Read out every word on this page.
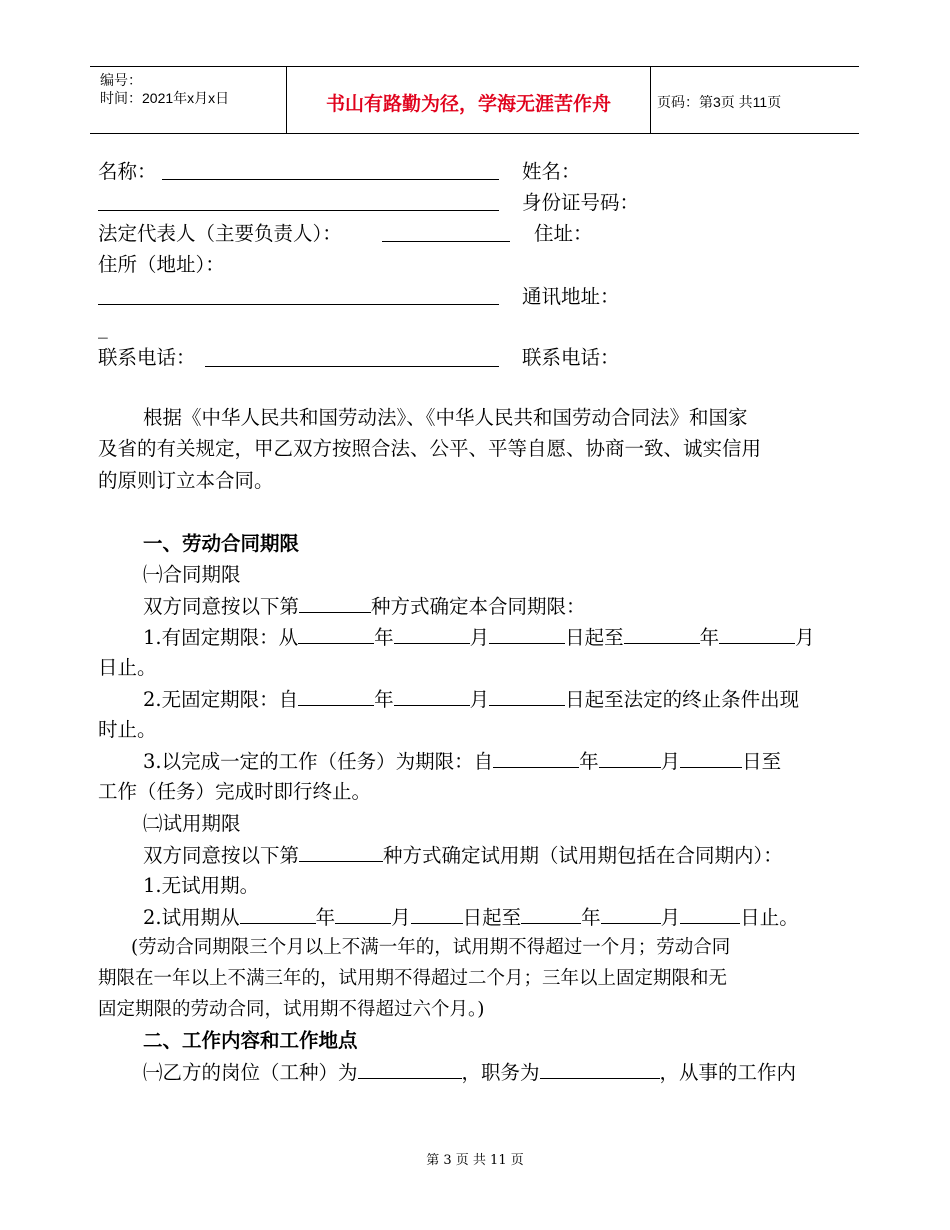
编号：
时间：2021年x月x日	书山有路勤为径，学海无涯苦作舟	页码：第3页 共11页
名称：	姓名：
身份证号码：
法定代表人（主要负责人）：	住址：
住所（地址）：
通讯地址：
_
联系电话：	联系电话：
根据《中华人民共和国劳动法》、《中华人民共和国劳动合同法》和国家
及省的有关规定，甲乙双方按照合法、公平、平等自愿、协商一致、诚实信用
的原则订立本合同。
一、劳动合同期限
㈠合同期限
双方同意按以下第	种方式确定本合同期限：
1.有固定期限：从	年	月	日起至	年	月
日止。
2.无固定期限：自	年	月	日起至法定的终止条件出现
时止。
3.以完成一定的工作（任务）为期限：自	年	月	日至
工作（任务）完成时即行终止。
㈡试用期限
双方同意按以下第	种方式确定试用期（试用期包括在合同期内）：
1.无试用期。
2.试用期从	年	月	日起至	年	月	日止。
(劳动合同期限三个月以上不满一年的，试用期不得超过一个月；劳动合同
期限在一年以上不满三年的，试用期不得超过二个月；三年以上固定期限和无
固定期限的劳动合同，试用期不得超过六个月。)
二、工作内容和工作地点
㈠乙方的岗位（工种）为	，职务为	，从事的工作内
第 3 页 共 11 页
